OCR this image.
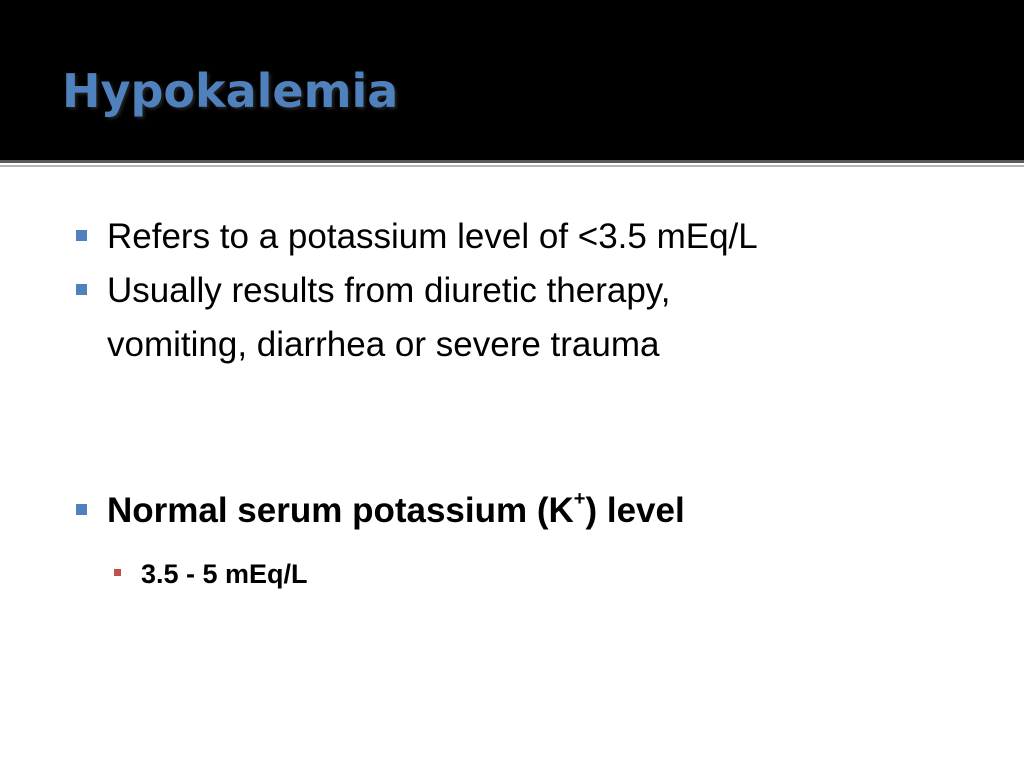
Hypokalemia
Refers to a potassium level of <3.5 mEq/L
Usually results from diuretic therapy,
vomiting, diarrhea or severe trauma
Normal serum potassium (K+) level
3.5 - 5 mEq/L
